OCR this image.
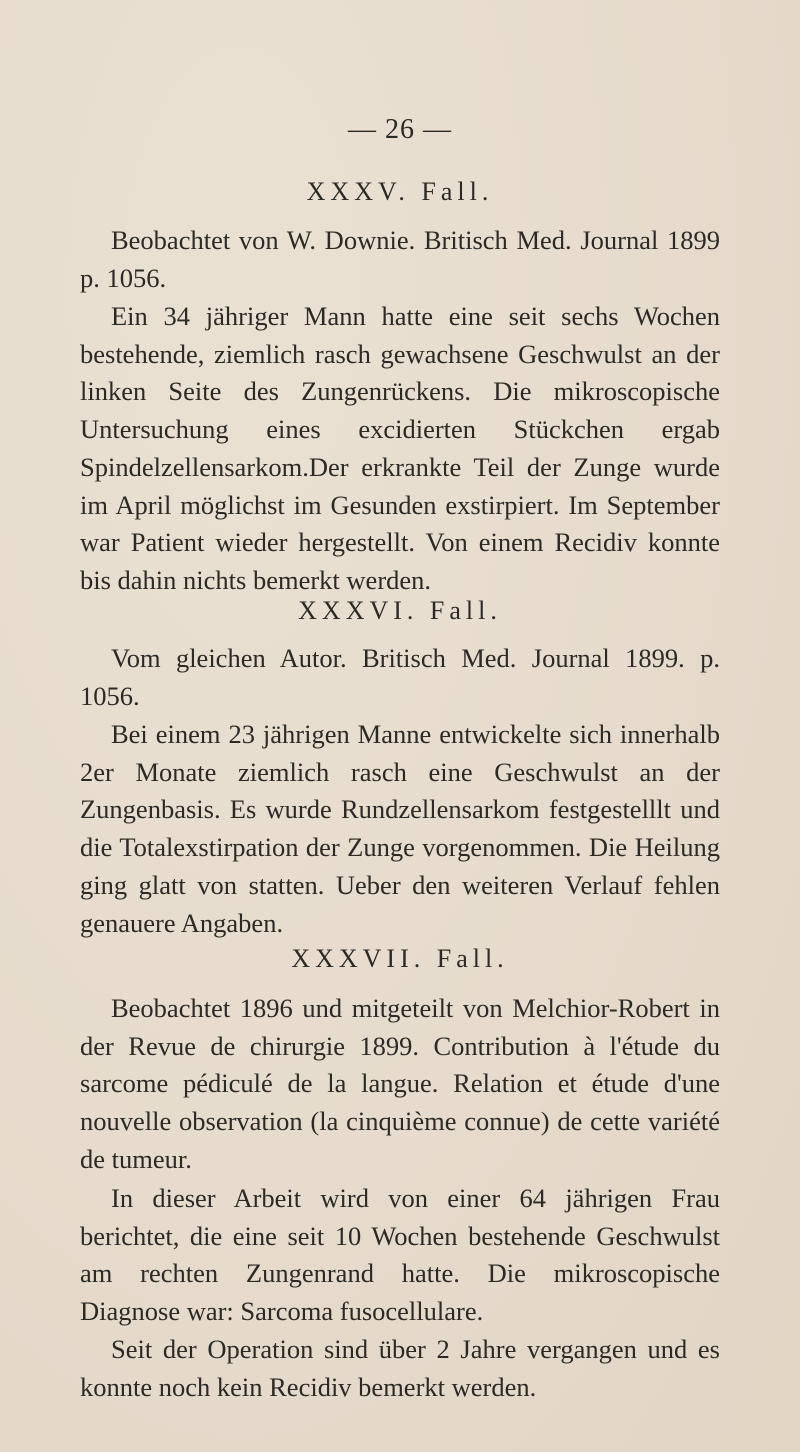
— 26 —
XXXV. Fall.

Beobachtet von W. Downie. Britisch Med. Journal 1899 p. 1056.

Ein 34 jähriger Mann hatte eine seit sechs Wochen bestehende, ziemlich rasch gewachsene Geschwulst an der linken Seite des Zungenrückens. Die mikroscopische Untersuchung eines excidierten Stückchen ergab Spindelzellensarkom.Der erkrankte Teil der Zunge wurde im April möglichst im Gesunden exstirpiert. Im September war Patient wieder hergestellt. Von einem Recidiv konnte bis dahin nichts bemerkt werden.

XXXVI. Fall.

Vom gleichen Autor. Britisch Med. Journal 1899. p. 1056.

Bei einem 23 jährigen Manne entwickelte sich innerhalb 2er Monate ziemlich rasch eine Geschwulst an der Zungenbasis. Es wurde Rundzellensarkom festgestelllt und die Totalexstirpation der Zunge vorgenommen. Die Heilung ging glatt von statten. Ueber den weiteren Verlauf fehlen genauere Angaben.

XXXVII. Fall.

Beobachtet 1896 und mitgeteilt von Melchior-Robert in der Revue de chirurgie 1899. Contribution à l'étude du sarcome pédiculé de la langue. Relation et étude d'une nouvelle observation (la cinquième connue) de cette variété de tumeur.

In dieser Arbeit wird von einer 64 jährigen Frau berichtet, die eine seit 10 Wochen bestehende Geschwulst am rechten Zungenrand hatte. Die mikroscopische Diagnose war: Sarcoma fusocellulare.

Seit der Operation sind über 2 Jahre vergangen und es konnte noch kein Recidiv bemerkt werden.
